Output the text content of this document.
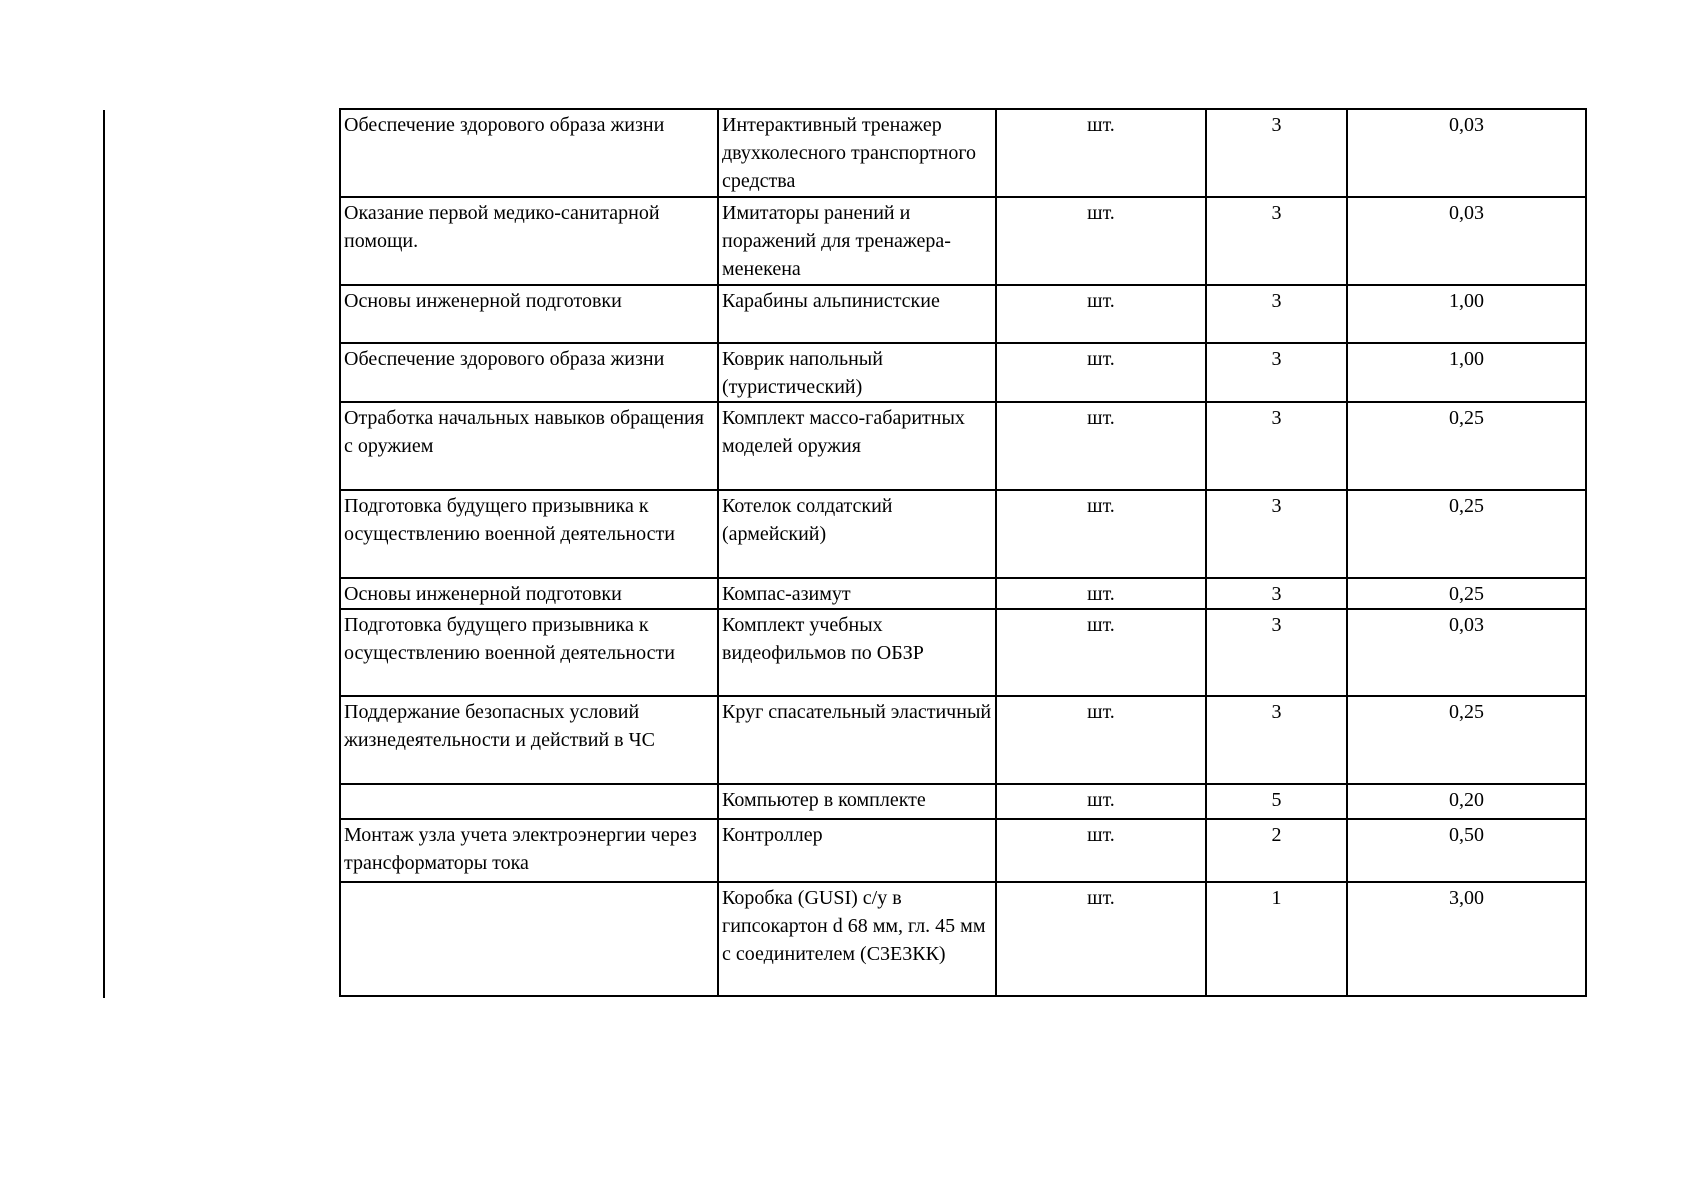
Обеспечение здорового образа жизни	Интерактивный тренажер двухколесного транспортного средства	шт.	3	0,03
Оказание первой медико-санитарной помощи.	Имитаторы ранений и поражений для тренажера-менекена	шт.	3	0,03
Основы инженерной подготовки	Карабины альпинистские	шт.	3	1,00
Обеспечение здорового образа жизни	Коврик напольный (туристический)	шт.	3	1,00
Отработка начальных навыков обращения с оружием	Комплект массо-габаритных моделей оружия	шт.	3	0,25
Подготовка будущего призывника к осуществлению военной деятельности	Котелок солдатский (армейский)	шт.	3	0,25
Основы инженерной подготовки	Компас-азимут	шт.	3	0,25
Подготовка будущего призывника к осуществлению военной деятельности	Комплект учебных видеофильмов по ОБЗР	шт.	3	0,03
Поддержание безопасных условий жизнедеятельности и действий в ЧС	Круг спасательный эластичный	шт.	3	0,25
	Компьютер в комплекте	шт.	5	0,20
Монтаж узла учета электроэнергии через трансформаторы тока	Контроллер	шт.	2	0,50
	Коробка (GUSI) с/у в гипсокартон d 68 мм, гл. 45 мм с соединителем (С3Е3КК)	шт.	1	3,00
